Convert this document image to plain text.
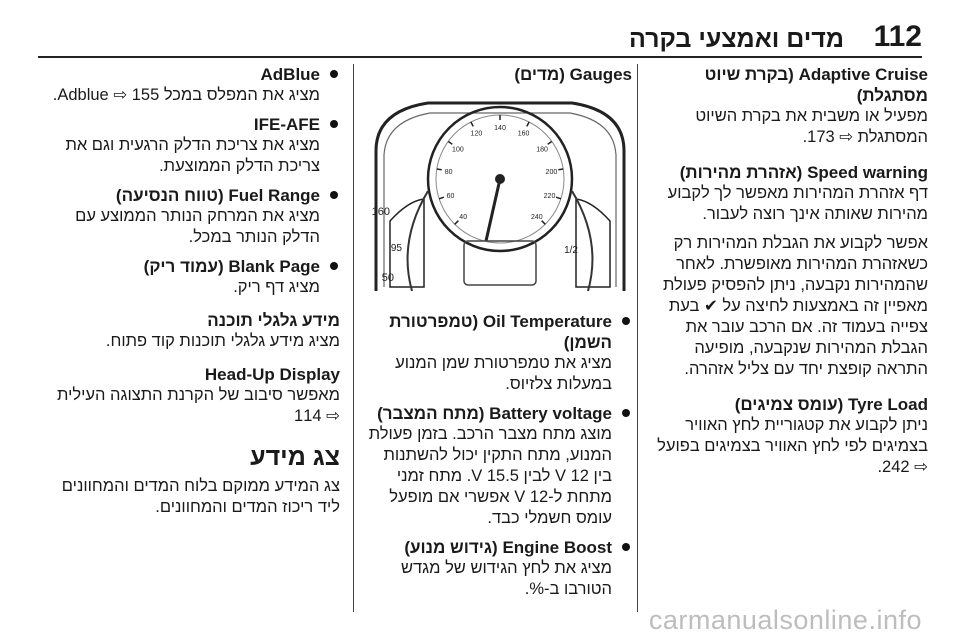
112
מדים ואמצעי בקרה
Adaptive Cruise (בקרת שיוט מסתגלת)

מפעיל או משבית את בקרת השיוט המסתגלת ⇨ 173.

Speed warning (אזהרת מהירות)

דף אזהרת המהירות מאפשר לך לקבוע מהירות שאותה אינך רוצה לעבור.

אפשר לקבוע את הגבלת המהירות רק כשאזהרת המהירות מאופשרת. לאחר שהמהירות נקבעה, ניתן להפסיק פעולת מאפיין זה באמצעות לחיצה על ✔ בעת צפייה בעמוד זה. אם הרכב עובר את הגבלת המהירות שנקבעה, מופיעה התראה קופצת יחד עם צליל אזהרה.

Tyre Load (עומס צמיגים)

ניתן לקבוע את קטגוריית לחץ האוויר בצמיגים לפי לחץ האוויר בצמיגים בפועל ⇨ 242.

Gauges (מדים)
40
60
80
100
120
140
160
180
200
220
240
160
95
50
1/2
Oil Temperature (טמפרטורת השמן)

מציג את טמפרטורת שמן המנוע במעלות צלזיוס.

Battery voltage (מתח המצבר)

מוצג מתח מצבר הרכב. בזמן פעולת המנוע, מתח התקין יכול להשתנות בין 12 V לבין 15.5 V. מתח זמני מתחת ל-12 V אפשרי אם מופעל עומס חשמלי כבד.

Engine Boost (גידוש מנוע)

מציג את לחץ הגידוש של מגדש הטורבו ב-%.

AdBlue

מציג את המפלס במכל Adblue ⇨ 155.

IFE-AFE

מציג את צריכת הדלק הרגעית וגם את צריכת הדלק הממוצעת.

Fuel Range (טווח הנסיעה)

מציג את המרחק הנותר הממוצע עם הדלק הנותר במכל.

Blank Page (עמוד ריק)

מציג דף ריק.

מידע גלגלי תוכנה

מציג מידע גלגלי תוכנות קוד פתוח.

Head-Up Display

מאפשר סיבוב של הקרנת התצוגה העילית ⇨ 114

צג מידע

צג המידע ממוקם בלוח המדים והמחוונים ליד ריכוז המדים והמחוונים.

carmanualsonline.info
